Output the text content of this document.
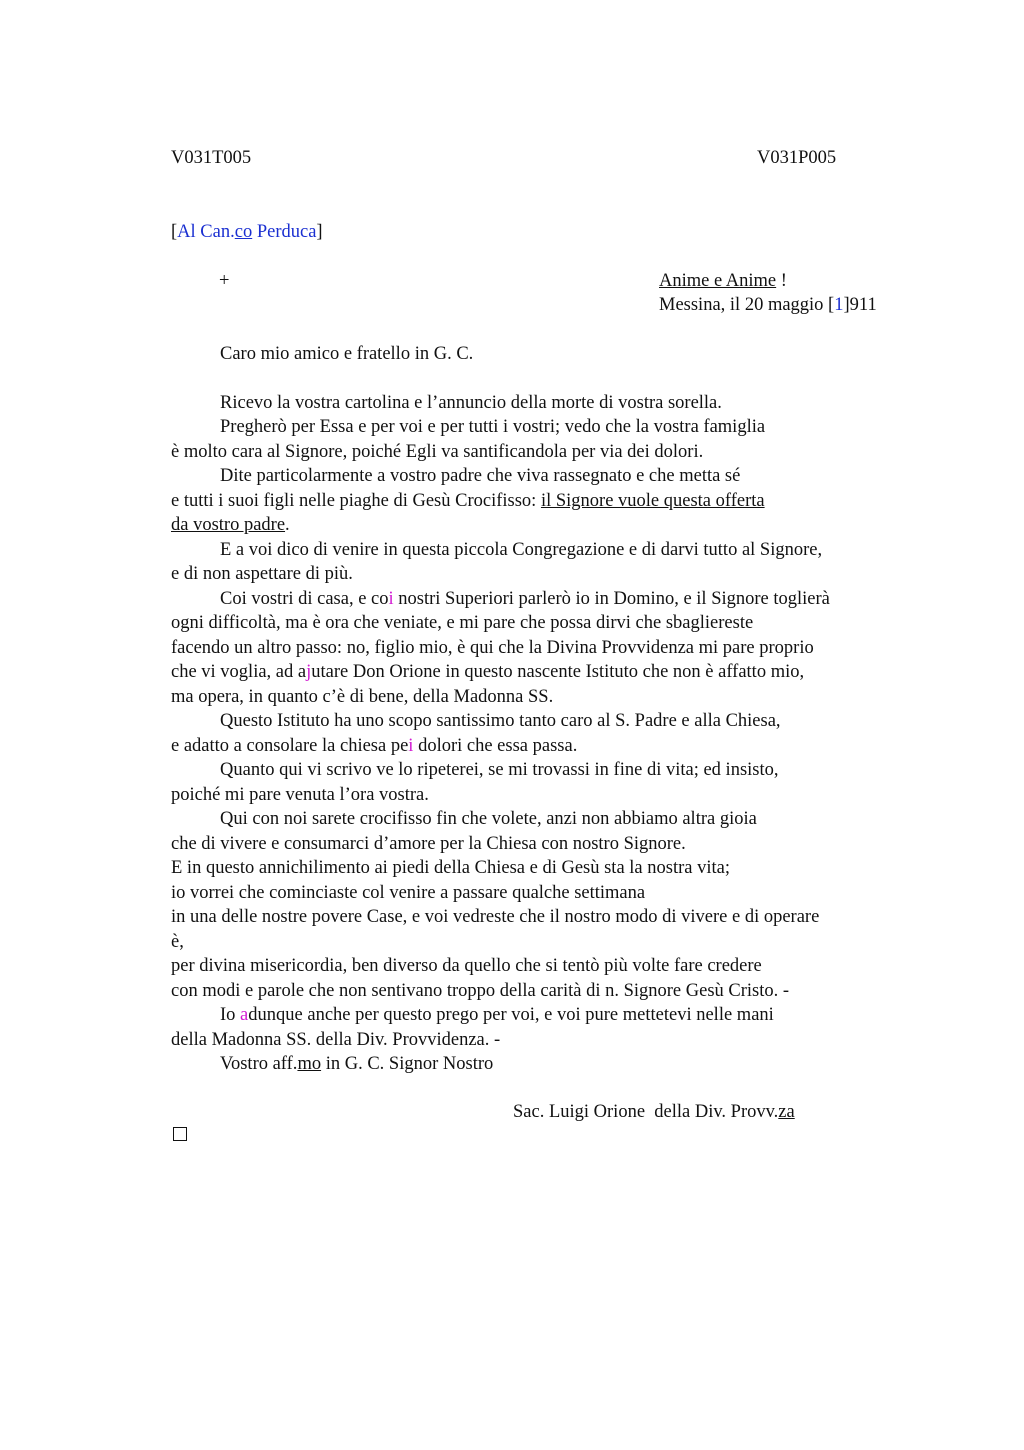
V031T005	V031P005
[Al Can.co Perduca]
+	Anime e Anime !
Messina, il 20 maggio [1]911
Caro mio amico e fratello in G. C.
Ricevo la vostra cartolina e l’annuncio della morte di vostra sorella.
Pregherò per Essa e per voi e per tutti i vostri; vedo che la vostra famiglia
è molto cara al Signore, poiché Egli va santificandola per via dei dolori.
Dite particolarmente a vostro padre che viva rassegnato e che metta sé
e tutti i suoi figli nelle piaghe di Gesù Crocifisso: il Signore vuole questa offerta
da vostro padre.
E a voi dico di venire in questa piccola Congregazione e di darvi tutto al Signore,
e di non aspettare di più.
Coi vostri di casa, e coi nostri Superiori parlerò io in Domino, e il Signore toglierà
ogni difficoltà, ma è ora che veniate, e mi pare che possa dirvi che sbagliereste
facendo un altro passo: no, figlio mio, è qui che la Divina Provvidenza mi pare proprio
che vi voglia, ad ajutare Don Orione in questo nascente Istituto che non è affatto mio,
ma opera, in quanto c’è di bene, della Madonna SS.
Questo Istituto ha uno scopo santissimo tanto caro al S. Padre e alla Chiesa,
e adatto a consolare la chiesa pei dolori che essa passa.
Quanto qui vi scrivo ve lo ripeterei, se mi trovassi in fine di vita; ed insisto,
poiché mi pare venuta l’ora vostra.
Qui con noi sarete crocifisso fin che volete, anzi non abbiamo altra gioia
che di vivere e consumarci d’amore per la Chiesa con nostro Signore.
E in questo annichilimento ai piedi della Chiesa e di Gesù sta la nostra vita;
io vorrei che cominciaste col venire a passare qualche settimana
in una delle nostre povere Case, e voi vedreste che il nostro modo di vivere e di operare
è,
per divina misericordia, ben diverso da quello che si tentò più volte fare credere
con modi e parole che non sentivano troppo della carità di n. Signore Gesù Cristo. -
Io adunque anche per questo prego per voi, e voi pure mettetevi nelle mani
della Madonna SS. della Div. Provvidenza. -
Vostro aff.mo in G. C. Signor Nostro
Sac. Luigi Orione  della Div. Provv.za
